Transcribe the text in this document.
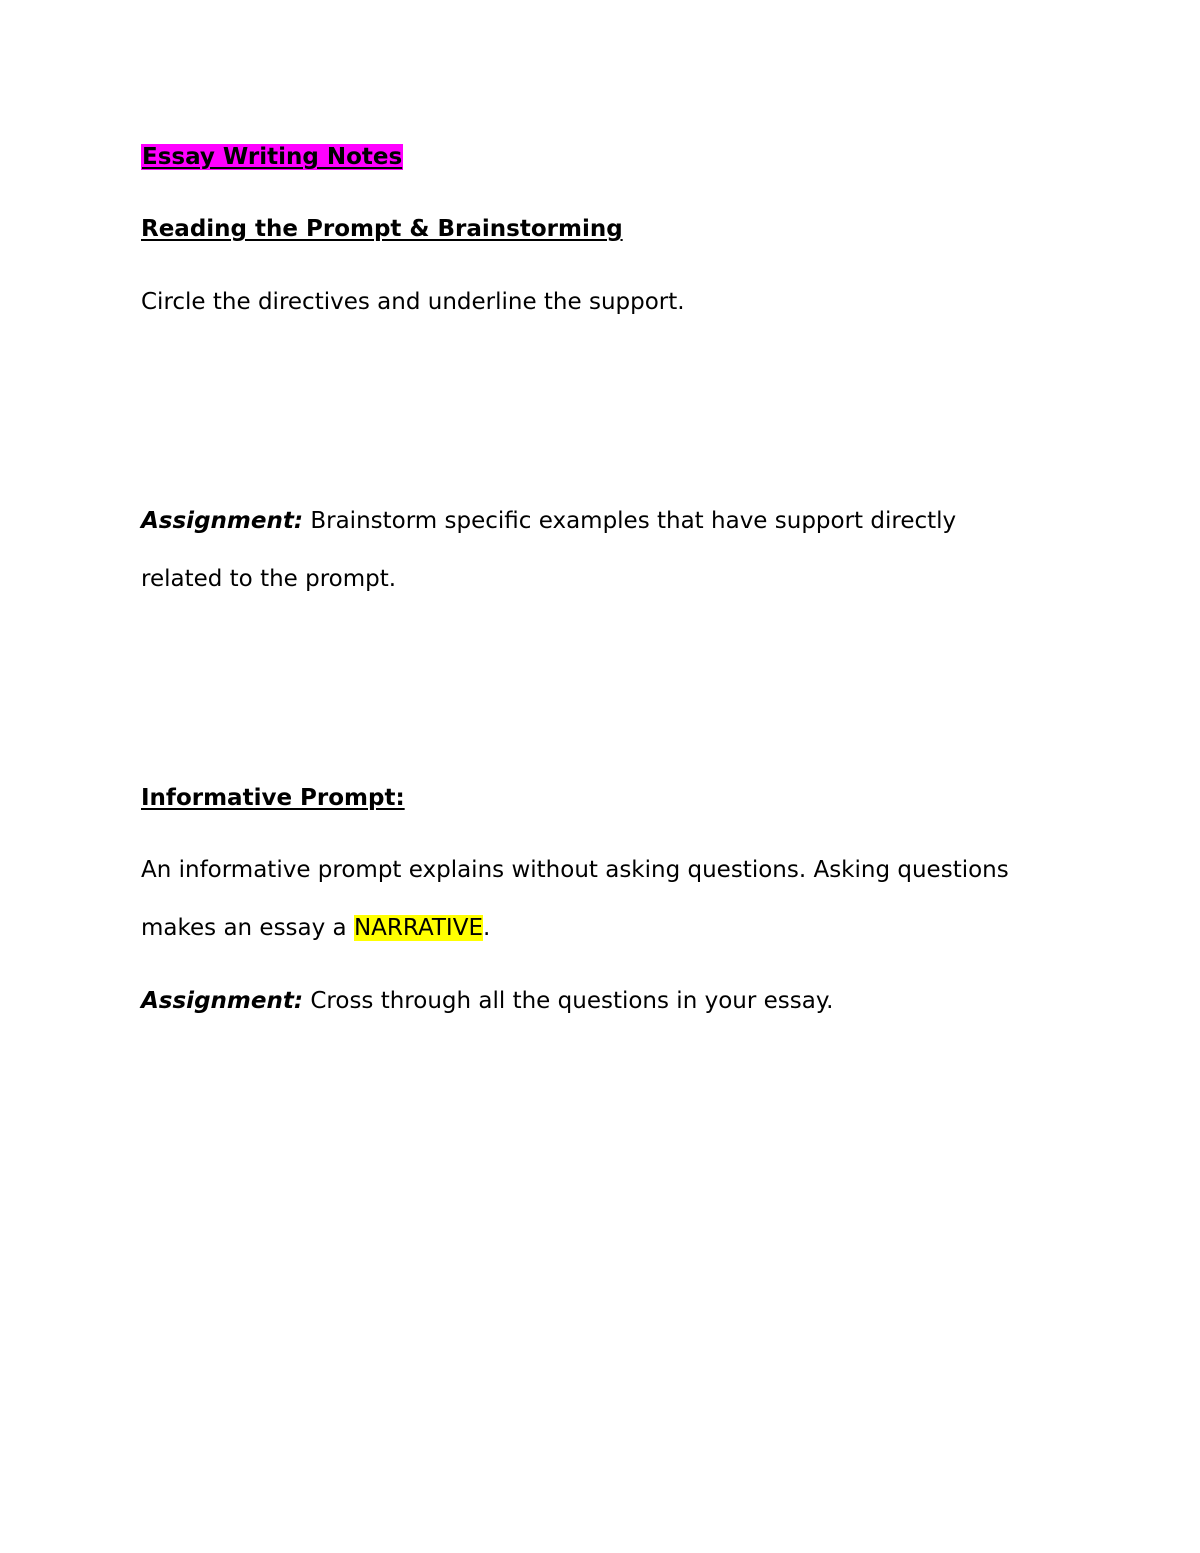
Essay Writing Notes
Reading the Prompt & Brainstorming
Circle the directives and underline the support.
Assignment: Brainstorm specific examples that have support directly
related to the prompt.
Informative Prompt:
An informative prompt explains without asking questions. Asking questions
makes an essay a NARRATIVE.
Assignment: Cross through all the questions in your essay.
